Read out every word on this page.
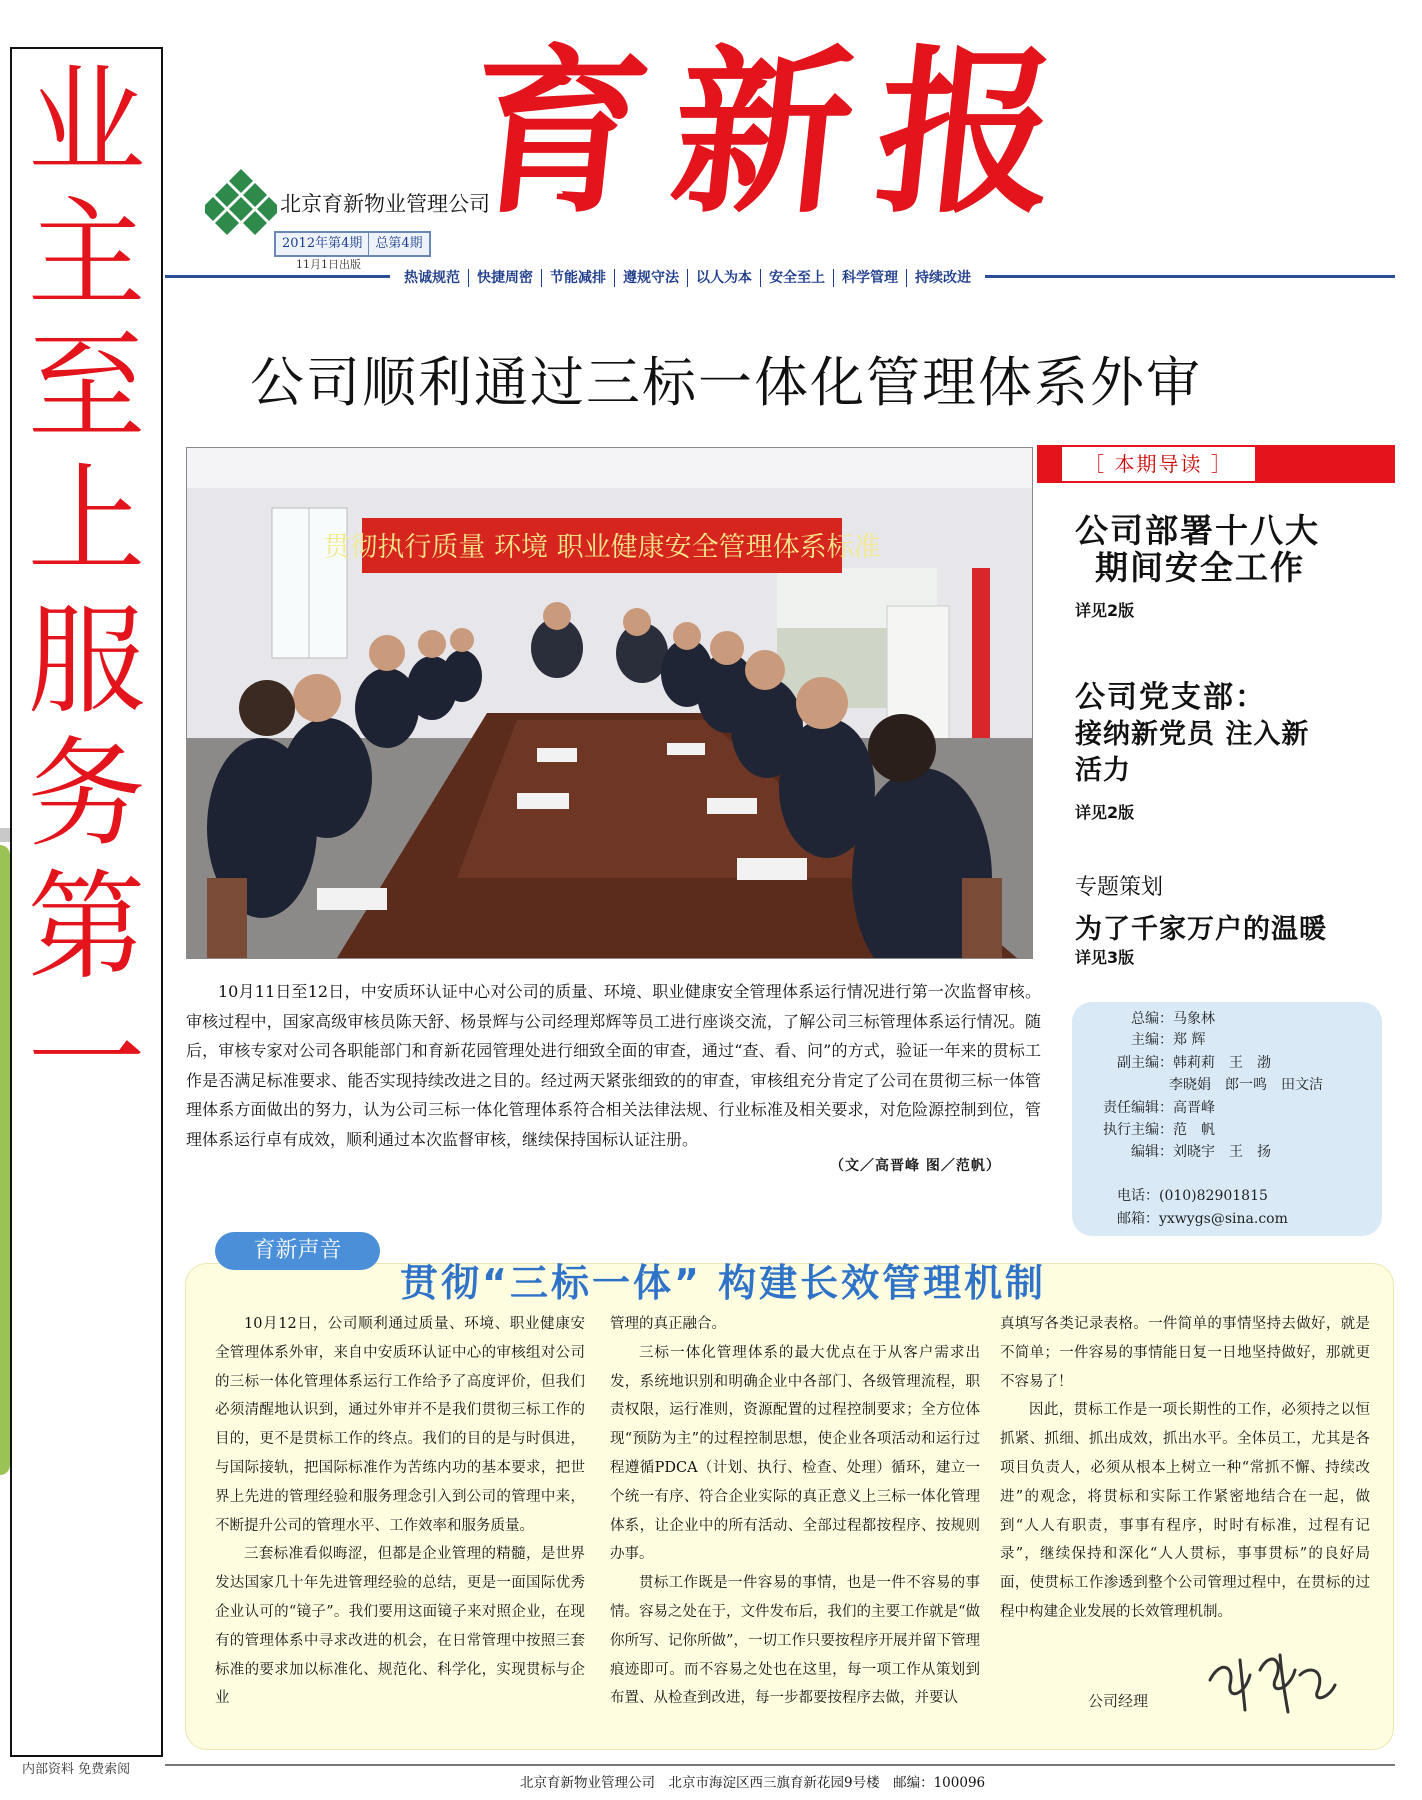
业
主
至
上
服
务
第
一
内部资料 免费索阅
育新报
北京育新物业管理公司
2012年第4期	总第4期
11月1日出版
热诚规范	快捷周密	节能减排	遵规守法	以人为本	安全至上	科学管理	持续改进
公司顺利通过三标一体化管理体系外审
贯彻执行质量 环境 职业健康安全管理体系标准

10月11日至12日，中安质环认证中心对公司的质量、环境、职业健康安全管理体系运行情况进行第一次监督审核。审核过程中，国家高级审核员陈天舒、杨景辉与公司经理郑辉等员工进行座谈交流，了解公司三标管理体系运行情况。随后，审核专家对公司各职能部门和育新花园管理处进行细致全面的审查，通过“查、看、问”的方式，验证一年来的贯标工作是否满足标准要求、能否实现持续改进之目的。经过两天紧张细致的的审查，审核组充分肯定了公司在贯彻三标一体管理体系方面做出的努力，认为公司三标一体化管理体系符合相关法律法规、行业标准及相关要求，对危险源控制到位，管理体系运行卓有成效，顺利通过本次监督审核，继续保持国标认证注册。

（文／高晋峰 图／范帆）
［ 本期导读 ］
公司部署十八大
期间安全工作
详见2版
公司党支部：
接纳新党员 注入新
活力
详见2版
专题策划
为了千家万户的温暖
详见3版
总编：马象林
主编：郑 辉
副主编：韩莉莉　王　渤
李晓娟　郎一鸣　田文洁
责任编辑：高晋峰
执行主编：范　帆
编辑：刘晓宇　王　扬
电话：(010)82901815
邮箱：yxwygs@sina.com
育新声音
贯彻“三标一体” 构建长效管理机制

10月12日，公司顺利通过质量、环境、职业健康安全管理体系外审，来自中安质环认证中心的审核组对公司的三标一体化管理体系运行工作给予了高度评价，但我们必须清醒地认识到，通过外审并不是我们贯彻三标工作的目的，更不是贯标工作的终点。我们的目的是与时俱进，与国际接轨，把国际标准作为苦练内功的基本要求，把世界上先进的管理经验和服务理念引入到公司的管理中来，不断提升公司的管理水平、工作效率和服务质量。

三套标准看似晦涩，但都是企业管理的精髓，是世界发达国家几十年先进管理经验的总结，更是一面国际优秀企业认可的“镜子”。我们要用这面镜子来对照企业，在现有的管理体系中寻求改进的机会，在日常管理中按照三套标准的要求加以标准化、规范化、科学化，实现贯标与企业

管理的真正融合。

三标一体化管理体系的最大优点在于从客户需求出发，系统地识别和明确企业中各部门、各级管理流程，职责权限，运行准则，资源配置的过程控制要求；全方位体现“预防为主”的过程控制思想，使企业各项活动和运行过程遵循PDCA（计划、执行、检查、处理）循环，建立一个统一有序、符合企业实际的真正意义上三标一体化管理体系，让企业中的所有活动、全部过程都按程序、按规则办事。

贯标工作既是一件容易的事情，也是一件不容易的事情。容易之处在于，文件发布后，我们的主要工作就是“做你所写、记你所做”，一切工作只要按程序开展并留下管理痕迹即可。而不容易之处也在这里，每一项工作从策划到布置、从检查到改进，每一步都要按程序去做，并要认

真填写各类记录表格。一件简单的事情坚持去做好，就是不简单；一件容易的事情能日复一日地坚持做好，那就更不容易了！

因此，贯标工作是一项长期性的工作，必须持之以恒抓紧、抓细、抓出成效，抓出水平。全体员工，尤其是各项目负责人，必须从根本上树立一种“常抓不懈、持续改进”的观念，将贯标和实际工作紧密地结合在一起，做到“人人有职责，事事有程序，时时有标准，过程有记录”，继续保持和深化“人人贯标，事事贯标”的良好局面，使贯标工作渗透到整个公司管理过程中，在贯标的过程中构建企业发展的长效管理机制。

公司经理
北京育新物业管理公司　北京市海淀区西三旗育新花园9号楼　邮编：100096
